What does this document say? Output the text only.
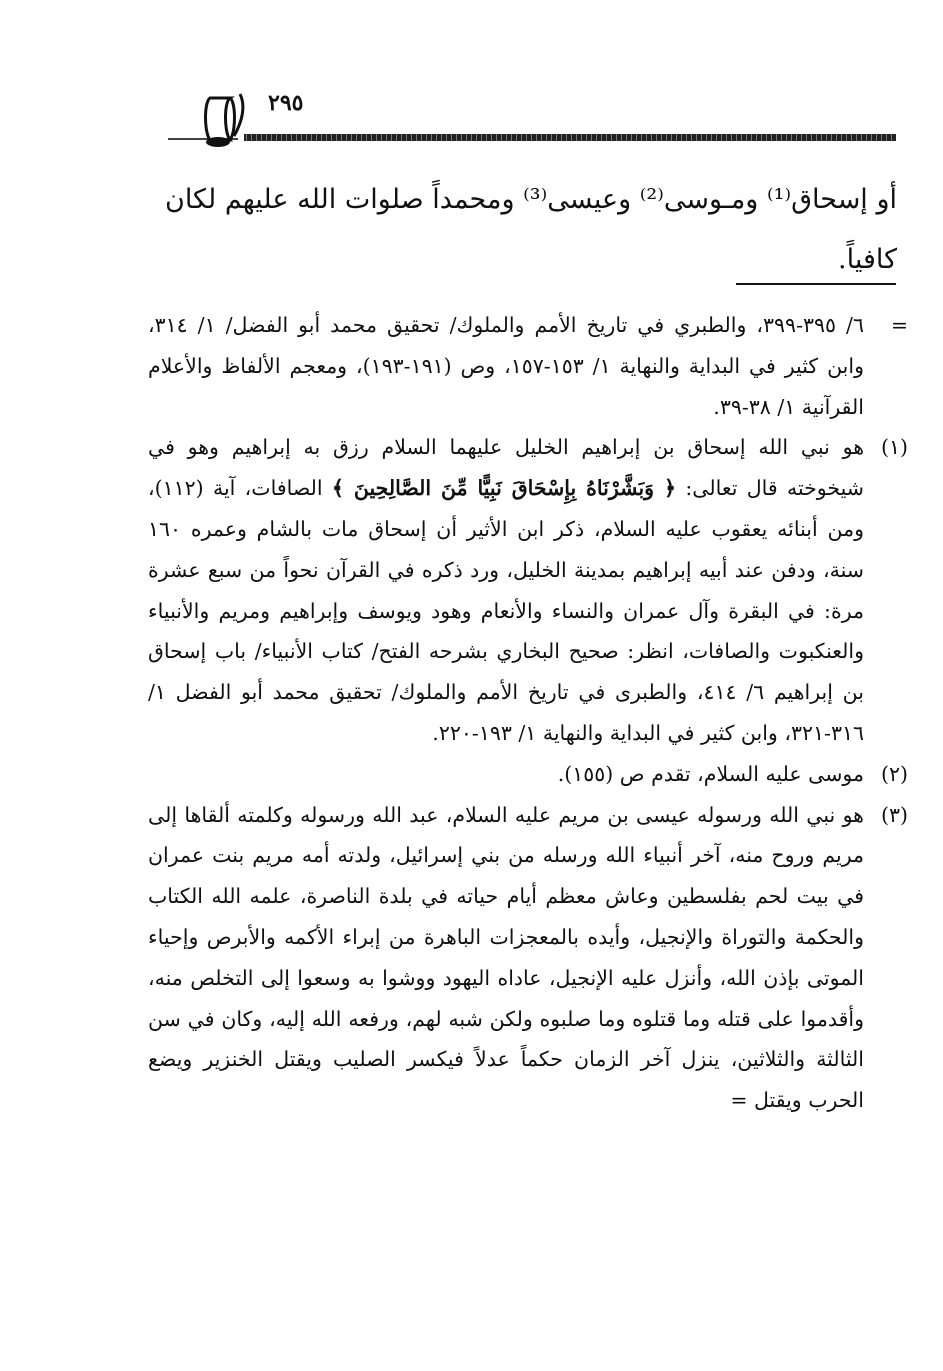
٢٩٥
أو إسحاق⁽¹⁾ ومـوسى⁽²⁾ وعيسى⁽³⁾ ومحمداً صلوات الله عليهم لكان كافياً.
=
٦/ ٣٩٥-٣٩٩، والطبري في تاريخ الأمم والملوك/ تحقيق محمد أبو الفضل/ ١/ ٣١٤، وابن كثير في البداية والنهاية ١/ ١٥٣-١٥٧، وص (١٩١-١٩٣)، ومعجم الألفاظ والأعلام القرآنية ١/ ٣٨-٣٩.
(١)
هو نبي الله إسحاق بن إبراهيم الخليل عليهما السلام رزق به إبراهيم وهو في شيخوخته قال تعالى: ﴿ وَبَشَّرْنَاهُ بِإِسْحَاقَ نَبِيًّا مِّنَ الصَّالِحِينَ ﴾ الصافات، آية (١١٢)، ومن أبنائه يعقوب عليه السلام، ذكر ابن الأثير أن إسحاق مات بالشام وعمره ١٦٠ سنة، ودفن عند أبيه إبراهيم بمدينة الخليل، ورد ذكره في القرآن نحواً من سبع عشرة مرة: في البقرة وآل عمران والنساء والأنعام وهود ويوسف وإبراهيم ومريم والأنبياء والعنكبوت والصافات، انظر: صحيح البخاري بشرحه الفتح/ كتاب الأنبياء/ باب إسحاق بن إبراهيم ٦/ ٤١٤، والطبرى في تاريخ الأمم والملوك/ تحقيق محمد أبو الفضل ١/ ٣١٦-٣٢١، وابن كثير في البداية والنهاية ١/ ١٩٣-٢٢٠.
(٢)
موسى عليه السلام، تقدم ص (١٥٥).
(٣)
هو نبي الله ورسوله عيسى بن مريم عليه السلام، عبد الله ورسوله وكلمته ألقاها إلى مريم وروح منه، آخر أنبياء الله ورسله من بني إسرائيل، ولدته أمه مريم بنت عمران في بيت لحم بفلسطين وعاش معظم أيام حياته في بلدة الناصرة، علمه الله الكتاب والحكمة والتوراة والإنجيل، وأيده بالمعجزات الباهرة من إبراء الأكمه والأبرص وإحياء الموتى بإذن الله، وأنزل عليه الإنجيل، عاداه اليهود ووشوا به وسعوا إلى التخلص منه، وأقدموا على قتله وما قتلوه وما صلبوه ولكن شبه لهم، ورفعه الله إليه، وكان في سن الثالثة والثلاثين، ينزل آخر الزمان حكماً عدلاً فيكسر الصليب ويقتل الخنزير ويضع الحرب ويقتل =
